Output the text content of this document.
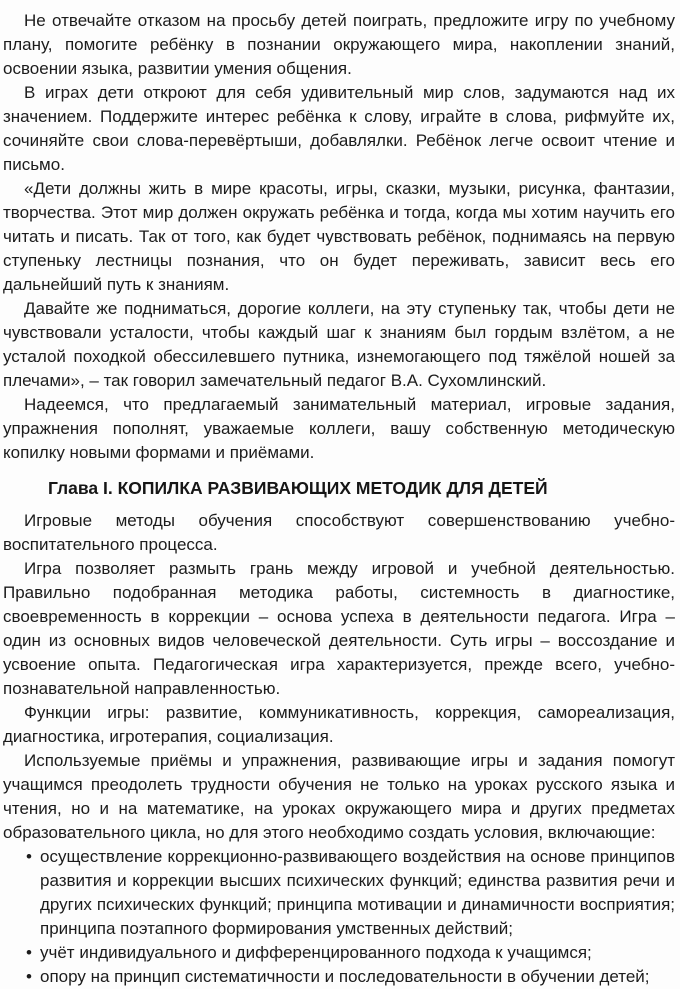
Не отвечайте отказом на просьбу детей поиграть, предложите игру по учебному плану, помогите ребёнку в познании окружающего мира, накоплении знаний, освоении языка, развитии умения общения.

В играх дети откроют для себя удивительный мир слов, задумаются над их значением. Поддержите интерес ребёнка к слову, играйте в слова, рифмуйте их, сочиняйте свои слова-перевёртыши, добавлялки. Ребёнок легче освоит чтение и письмо.

«Дети должны жить в мире красоты, игры, сказки, музыки, рисунка, фантазии, творчества. Этот мир должен окружать ребёнка и тогда, когда мы хотим научить его читать и писать. Так от того, как будет чувствовать ребёнок, поднимаясь на первую ступеньку лестницы познания, что он будет переживать, зависит весь его дальнейший путь к знаниям.

Давайте же подниматься, дорогие коллеги, на эту ступеньку так, чтобы дети не чувствовали усталости, чтобы каждый шаг к знаниям был гордым взлётом, а не усталой походкой обессилевшего путника, изнемогающего под тяжёлой ношей за плечами», – так говорил замечательный педагог В.А. Сухомлинский.

Надеемся, что предлагаемый занимательный материал, игровые задания, упражнения пополнят, уважаемые коллеги, вашу собственную методическую копилку новыми формами и приёмами.

Глава I. КОПИЛКА РАЗВИВАЮЩИХ МЕТОДИК ДЛЯ ДЕТЕЙ

Игровые методы обучения способствуют совершенствованию учебно-воспитательного процесса.

Игра позволяет размыть грань между игровой и учебной деятельностью. Правильно подобранная методика работы, системность в диагностике, своевременность в коррекции – основа успеха в деятельности педагога. Игра – один из основных видов человеческой деятельности. Суть игры – воссоздание и усвоение опыта. Педагогическая игра характеризуется, прежде всего, учебно-познавательной направленностью.

Функции игры: развитие, коммуникативность, коррекция, самореализация, диагностика, игротерапия, социализация.

Используемые приёмы и упражнения, развивающие игры и задания помогут учащимся преодолеть трудности обучения не только на уроках русского языка и чтения, но и на математике, на уроках окружающего мира и других предметах образовательного цикла, но для этого необходимо создать условия, включающие:

• осуществление коррекционно-развивающего воздействия на основе принципов развития и коррекции высших психических функций; единства развития речи и других психических функций; принципа мотивации и динамичности восприятия; принципа поэтапного формирования умственных действий;
• учёт индивидуального и дифференцированного подхода к учащимся;
• опору на принцип систематичности и последовательности в обучении детей;
